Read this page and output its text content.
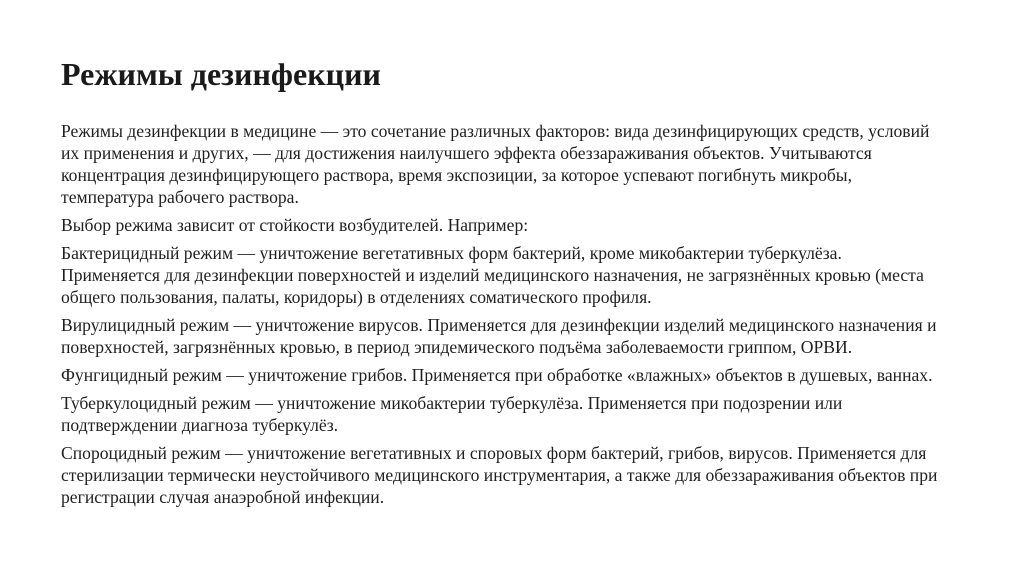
Режимы дезинфекции

Режимы дезинфекции в медицине — это сочетание различных факторов: вида дезинфицирующих средств, условий их применения и других, — для достижения наилучшего эффекта обеззараживания объектов. Учитываются концентрация дезинфицирующего раствора, время экспозиции, за которое успевают погибнуть микробы, температура рабочего раствора.

Выбор режима зависит от стойкости возбудителей. Например:

Бактерицидный режим — уничтожение вегетативных форм бактерий, кроме микобактерии туберкулёза. Применяется для дезинфекции поверхностей и изделий медицинского назначения, не загрязнённых кровью (места общего пользования, палаты, коридоры) в отделениях соматического профиля.

Вирулицидный режим — уничтожение вирусов. Применяется для дезинфекции изделий медицинского назначения и поверхностей, загрязнённых кровью, в период эпидемического подъёма заболеваемости гриппом, ОРВИ.

Фунгицидный режим — уничтожение грибов. Применяется при обработке «влажных» объектов в душевых, ваннах.

Туберкулоцидный режим — уничтожение микобактерии туберкулёза. Применяется при подозрении или подтверждении диагноза туберкулёз.

Спороцидный режим — уничтожение вегетативных и споровых форм бактерий, грибов, вирусов. Применяется для стерилизации термически неустойчивого медицинского инструментария, а также для обеззараживания объектов при регистрации случая анаэробной инфекции.
